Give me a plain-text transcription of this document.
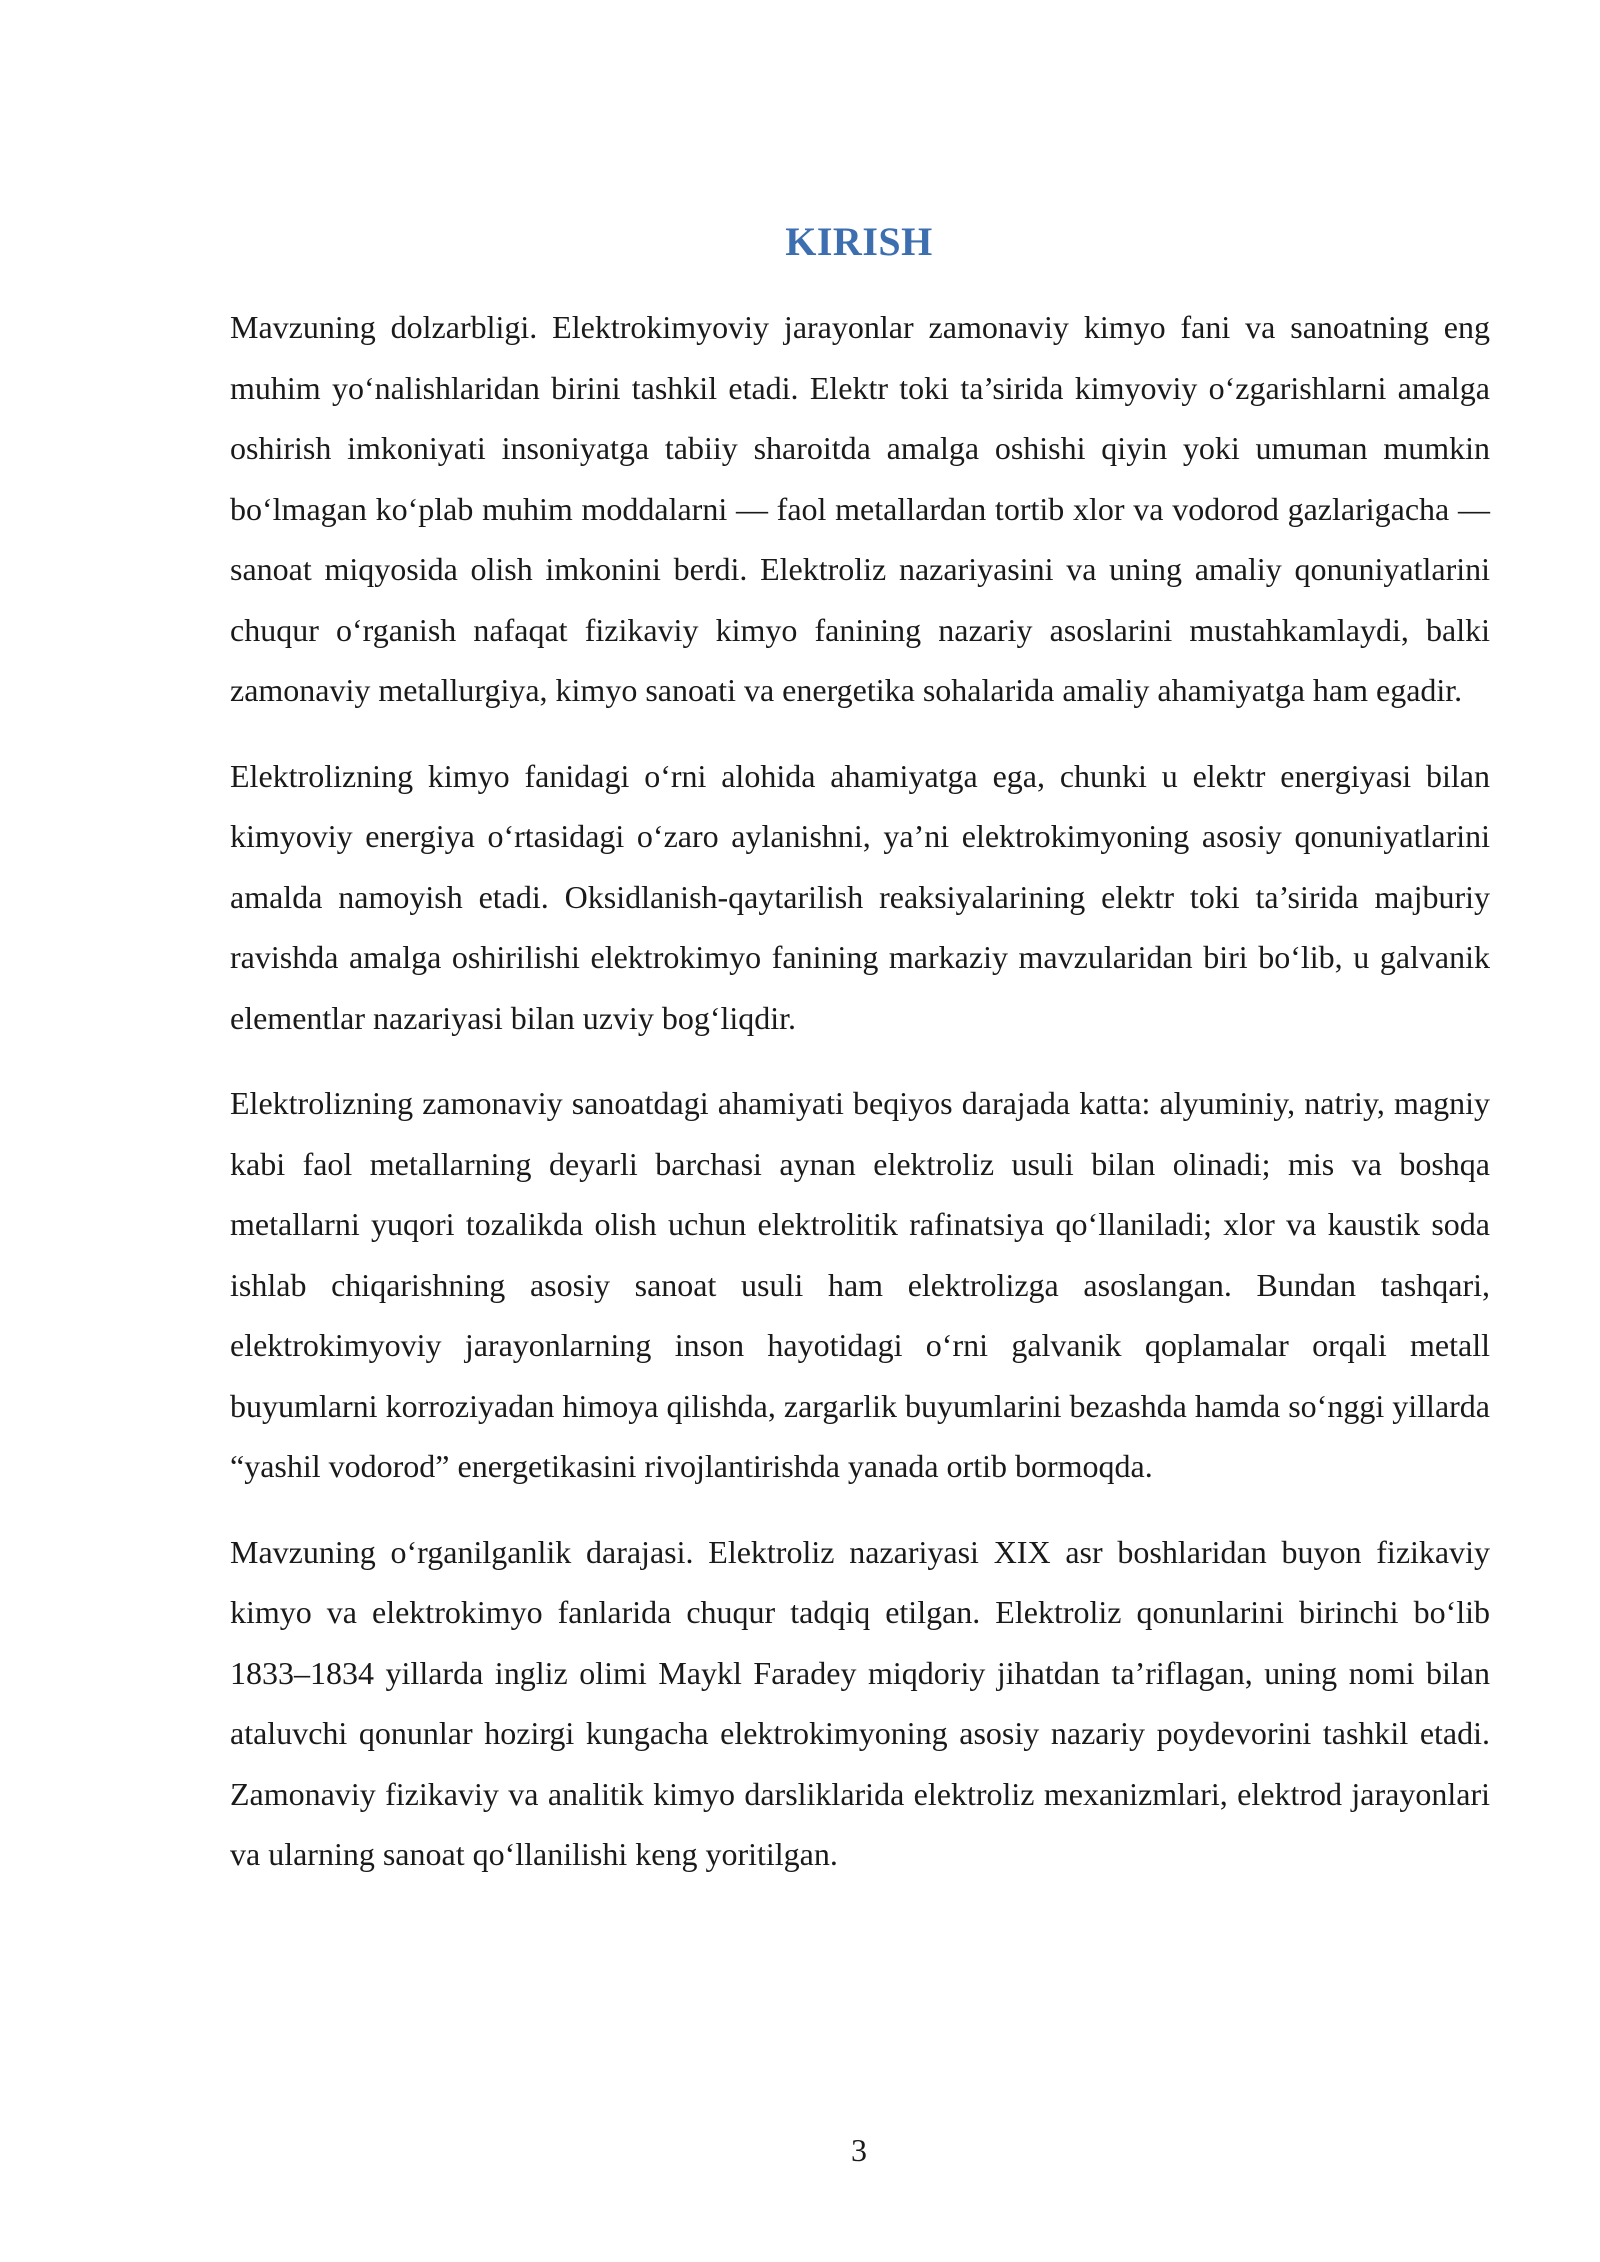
KIRISH

Mavzuning dolzarbligi. Elektrokimyoviy jarayonlar zamonaviy kimyo fani va sanoatning eng muhim yoʻnalishlaridan birini tashkil etadi. Elektr toki ta’sirida kimyoviy oʻzgarishlarni amalga oshirish imkoniyati insoniyatga tabiiy sharoitda amalga oshishi qiyin yoki umuman mumkin boʻlmagan koʻplab muhim moddalarni — faol metallardan tortib xlor va vodorod gazlarigacha — sanoat miqyosida olish imkonini berdi. Elektroliz nazariyasini va uning amaliy qonuniyatlarini chuqur oʻrganish nafaqat fizikaviy kimyo fanining nazariy asoslarini mustahkamlaydi, balki zamonaviy metallurgiya, kimyo sanoati va energetika sohalarida amaliy ahamiyatga ham egadir.

Elektrolizning kimyo fanidagi oʻrni alohida ahamiyatga ega, chunki u elektr energiyasi bilan kimyoviy energiya oʻrtasidagi oʻzaro aylanishni, ya’ni elektrokimyoning asosiy qonuniyatlarini amalda namoyish etadi. Oksidlanish-qaytarilish reaksiyalarining elektr toki ta’sirida majburiy ravishda amalga oshirilishi elektrokimyo fanining markaziy mavzularidan biri boʻlib, u galvanik elementlar nazariyasi bilan uzviy bogʻliqdir.

Elektrolizning zamonaviy sanoatdagi ahamiyati beqiyos darajada katta: alyuminiy, natriy, magniy kabi faol metallarning deyarli barchasi aynan elektroliz usuli bilan olinadi; mis va boshqa metallarni yuqori tozalikda olish uchun elektrolitik rafinatsiya qoʻllaniladi; xlor va kaustik soda ishlab chiqarishning asosiy sanoat usuli ham elektrolizga asoslangan. Bundan tashqari, elektrokimyoviy jarayonlarning inson hayotidagi oʻrni galvanik qoplamalar orqali metall buyumlarni korroziyadan himoya qilishda, zargarlik buyumlarini bezashda hamda soʻnggi yillarda “yashil vodorod” energetikasini rivojlantirishda yanada ortib bormoqda.

Mavzuning oʻrganilganlik darajasi. Elektroliz nazariyasi XIX asr boshlaridan buyon fizikaviy kimyo va elektrokimyo fanlarida chuqur tadqiq etilgan. Elektroliz qonunlarini birinchi boʻlib 1833–1834 yillarda ingliz olimi Maykl Faradey miqdoriy jihatdan ta’riflagan, uning nomi bilan ataluvchi qonunlar hozirgi kungacha elektrokimyoning asosiy nazariy poydevorini tashkil etadi. Zamonaviy fizikaviy va analitik kimyo darsliklarida elektroliz mexanizmlari, elektrod jarayonlari va ularning sanoat qoʻllanilishi keng yoritilgan.

3
